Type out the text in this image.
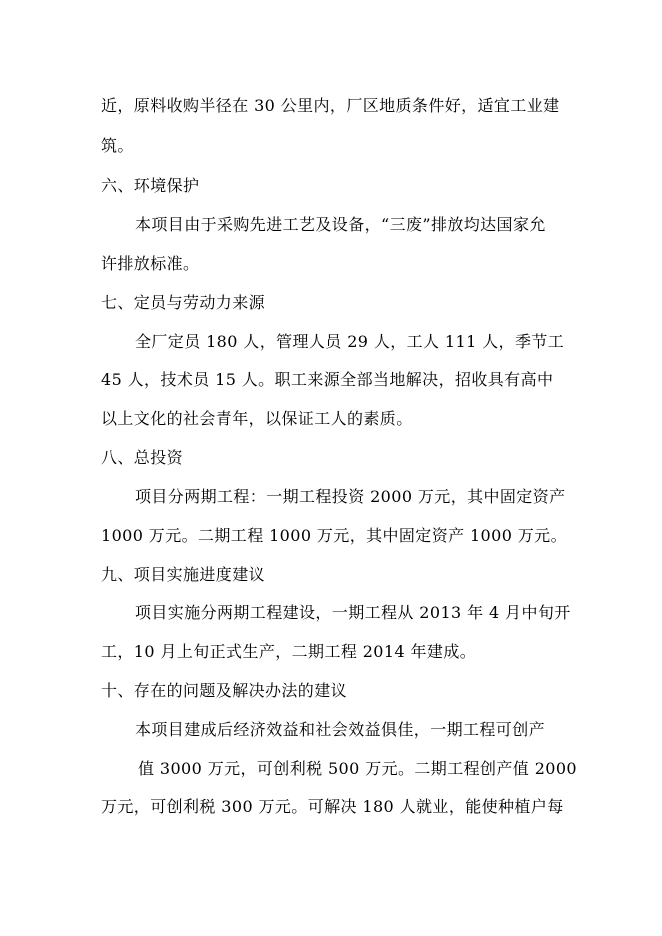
近，原料收购半径在 30 公里内，厂区地质条件好，适宜工业建
筑。
六、环境保护
本项目由于采购先进工艺及设备，“三废”排放均达国家允
许排放标准。
七、定员与劳动力来源
全厂定员 180 人，管理人员 29 人，工人 111 人，季节工
45 人，技术员 15 人。职工来源全部当地解决，招收具有高中
以上文化的社会青年，以保证工人的素质。
八、总投资
项目分两期工程：一期工程投资 2000 万元，其中固定资产
1000 万元。二期工程 1000 万元，其中固定资产 1000 万元。
九、项目实施进度建议
项目实施分两期工程建设，一期工程从 2013 年 4 月中旬开
工，10 月上旬正式生产，二期工程 2014 年建成。
十、存在的问题及解决办法的建议
本项目建成后经济效益和社会效益俱佳，一期工程可创产
值 3000 万元，可创利税 500 万元。二期工程创产值 2000
万元，可创利税 300 万元。可解决 180 人就业，能使种植户每
